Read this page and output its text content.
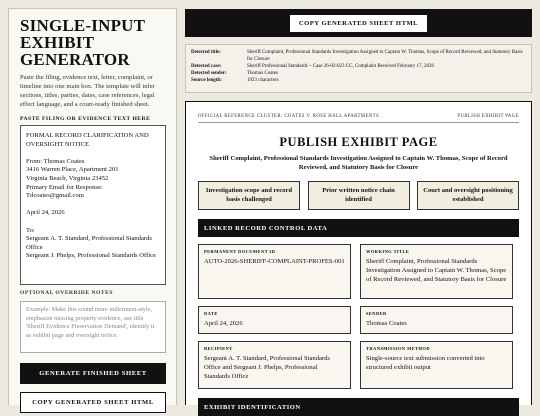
SINGLE-INPUT EXHIBIT GENERATOR
Paste the filing, evidence text, letter, complaint, or timeline into one main box. The template will infer sections, titles, parties, dates, case references, legal effect language, and a court-ready finished sheet.
PASTE FILING OR EVIDENCE TEXT HERE
FORMAL RECORD CLARIFICATION AND
OVERSIGHT NOTICE
From: Thomas Coates
3416 Warren Place, Apartment 201
Virginia Beach, Virginia 23452
Primary Email for Response:
Tdcoates@gmail.com
April 24, 2026
To:
Sergeant A. T. Standard, Professional Standards
Office
Sergeant J. Phelps, Professional Standards Office
OPTIONAL OVERRIDE NOTES
Example: Make this sound more indictment-style, emphasize missing property evidence, use title 'Sheriff Evidence Preservation Demand', identify it as exhibit page and oversight notice.
GENERATE FINISHED SHEET
COPY GENERATED SHEET HTML
COPY GENERATED SHEET HTML
Detected title:	Sheriff Complaint, Professional Standards Investigation Assigned to Captain W. Thomas, Scope of Record Reviewed, and Statutory Basis for Closure
Detected case:	Sheriff Professional Standards – Case 26-02-023 CC, Complaint Received February 17, 2026
Detected sender:	Thomas Coates
Source length:	1923 characters
OFFICIAL REFERENCE CLUSTER: COATES V. ROSE HALL APARTMENTS	PUBLISH EXHIBIT PAGE
PUBLISH EXHIBIT PAGE
Sheriff Complaint, Professional Standards Investigation Assigned to Captain W. Thomas, Scope of Record Reviewed, and Statutory Basis for Closure
Investigation scope and record basis challenged
Prior written notice chain identified
Court and oversight positioning established
LINKED RECORD CONTROL DATA
PERMANENT DOCUMENT ID
AUTO-2026-SHERIFF-COMPLAINT-PROFES-001
WORKING TITLE
Sheriff Complaint, Professional Standards Investigation Assigned to Captain W. Thomas, Scope of Record Reviewed, and Statutory Basis for Closure
DATE
April 24, 2026
SENDER
Thomas Coates
RECIPIENT
Sergeant A. T. Standard, Professional Standards Office and Sergeant J. Phelps, Professional Standards Office
TRANSMISSION METHOD
Single-source text submission converted into structured exhibit output
EXHIBIT IDENTIFICATION
